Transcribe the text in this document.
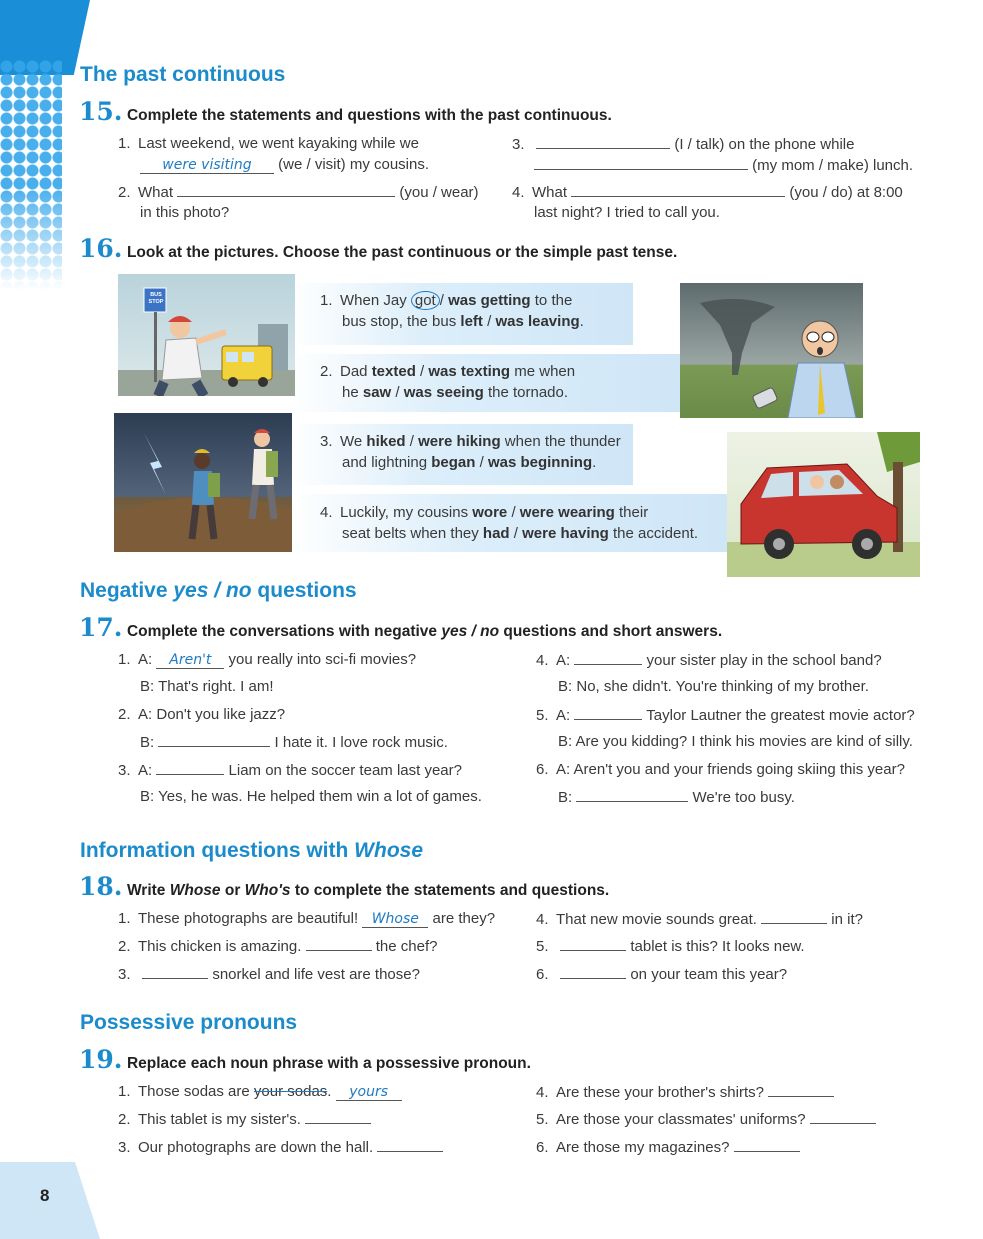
8
The past continuous
15. Complete the statements and questions with the past continuous.
1. Last weekend, we went kayaking while we
were visiting (we / visit) my cousins.
2. What	(you / wear)
in this photo?
3.	(I / talk) on the phone while
(my mom / make) lunch.
4. What	(you / do) at 8:00
last night? I tried to call you.
16. Look at the pictures. Choose the past continuous or the simple past tense.
BUS STOP	1. When Jay got / was getting to the
bus stop, the bus left / was leaving.
2. Dad texted / was texting me when
he saw / was seeing the tornado.
3. We hiked / were hiking when the thunder
and lightning began / was beginning.
4. Luckily, my cousins wore / were wearing their
seat belts when they had / were having the accident.
Negative yes / no questions
17. Complete the conversations with negative yes / no questions and short answers.
1. A: Aren't you really into sci-fi movies?
B: That's right. I am!
2. A: Don't you like jazz?
B:	I hate it. I love rock music.
3. A:	Liam on the soccer team last year?
B: Yes, he was. He helped them win a lot of games.
4. A:	your sister play in the school band?
B: No, she didn't. You're thinking of my brother.
5. A:	Taylor Lautner the greatest movie actor?
B: Are you kidding? I think his movies are kind of silly.
6. A: Aren't you and your friends going skiing this year?
B:	We're too busy.
Information questions with Whose
18. Write Whose or Who's to complete the statements and questions.
1. These photographs are beautiful! Whose are they?
2. This chicken is amazing.	the chef?
3.	snorkel and life vest are those?
4. That new movie sounds great.	in it?
5.	tablet is this? It looks new.
6.	on your team this year?
Possessive pronouns
19. Replace each noun phrase with a possessive pronoun.
1. Those sodas are your sodas. yours
2. This tablet is my sister's.
3. Our photographs are down the hall.
4. Are these your brother's shirts?
5. Are those your classmates' uniforms?
6. Are those my magazines?
